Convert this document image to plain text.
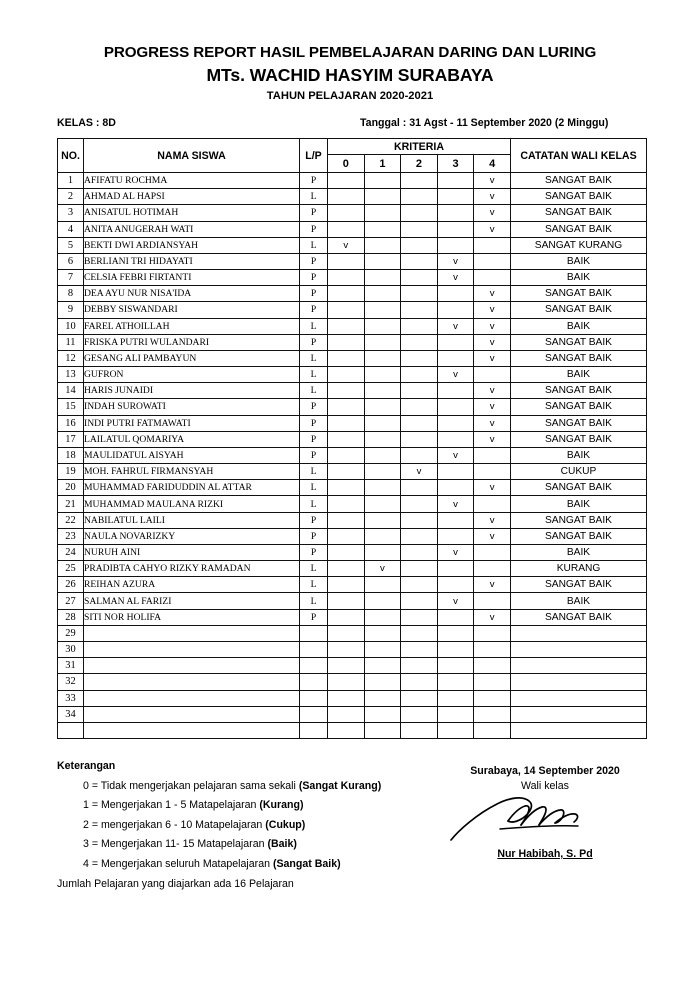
PROGRESS REPORT HASIL PEMBELAJARAN DARING DAN LURING
MTs. WACHID HASYIM SURABAYA
TAHUN PELAJARAN 2020-2021
KELAS : 8D	Tanggal : 31 Agst - 11 September 2020 (2 Minggu)
NO.	NAMA SISWA	L/P	KRITERIA					CATATAN WALI KELAS
			0	1	2	3	4	
1	AFIFATU ROCHMA	P					v	SANGAT BAIK
2	AHMAD AL HAPSI	L					v	SANGAT BAIK
3	ANISATUL HOTIMAH	P					v	SANGAT BAIK
4	ANITA ANUGERAH WATI	P					v	SANGAT BAIK
5	BEKTI DWI ARDIANSYAH	L	v					SANGAT KURANG
6	BERLIANI TRI HIDAYATI	P				v		BAIK
7	CELSIA FEBRI FIRTANTI	P				v		BAIK
8	DEA AYU NUR NISA'IDA	P					v	SANGAT BAIK
9	DEBBY SISWANDARI	P					v	SANGAT BAIK
10	FAREL ATHOILLAH	L				v	v	BAIK
11	FRISKA PUTRI WULANDARI	P					v	SANGAT BAIK
12	GESANG ALI PAMBAYUN	L					v	SANGAT BAIK
13	GUFRON	L				v		BAIK
14	HARIS JUNAIDI	L					v	SANGAT BAIK
15	INDAH SUROWATI	P					v	SANGAT BAIK
16	INDI PUTRI FATMAWATI	P					v	SANGAT BAIK
17	LAILATUL QOMARIYA	P					v	SANGAT BAIK
18	MAULIDATUL AISYAH	P				v		BAIK
19	MOH. FAHRUL FIRMANSYAH	L			v			CUKUP
20	MUHAMMAD FARIDUDDIN AL ATTAR	L					v	SANGAT BAIK
21	MUHAMMAD MAULANA RIZKI	L				v		BAIK
22	NABILATUL LAILI	P					v	SANGAT BAIK
23	NAULA NOVARIZKY	P					v	SANGAT BAIK
24	NURUH AINI	P				v		BAIK
25	PRADIBTA CAHYO RIZKY RAMADAN	L		v				KURANG
26	REIHAN AZURA	L					v	SANGAT BAIK
27	SALMAN AL FARIZI	L				v		BAIK
28	SITI NOR HOLIFA	P					v	SANGAT BAIK
29								
30								
31								
32								
33								
34								

Keterangan
0 = Tidak mengerjakan pelajaran sama sekali (Sangat Kurang)
1 = Mengerjakan 1 - 5 Matapelajaran (Kurang)
2 = mengerjakan 6 - 10 Matapelajaran (Cukup)
3 = Mengerjakan 11- 15 Matapelajaran (Baik)
4 = Mengerjakan seluruh Matapelajaran (Sangat Baik)
Jumlah Pelajaran yang diajarkan ada 16 Pelajaran
Surabaya, 14 September 2020
Wali kelas
Nur Habibah, S. Pd
